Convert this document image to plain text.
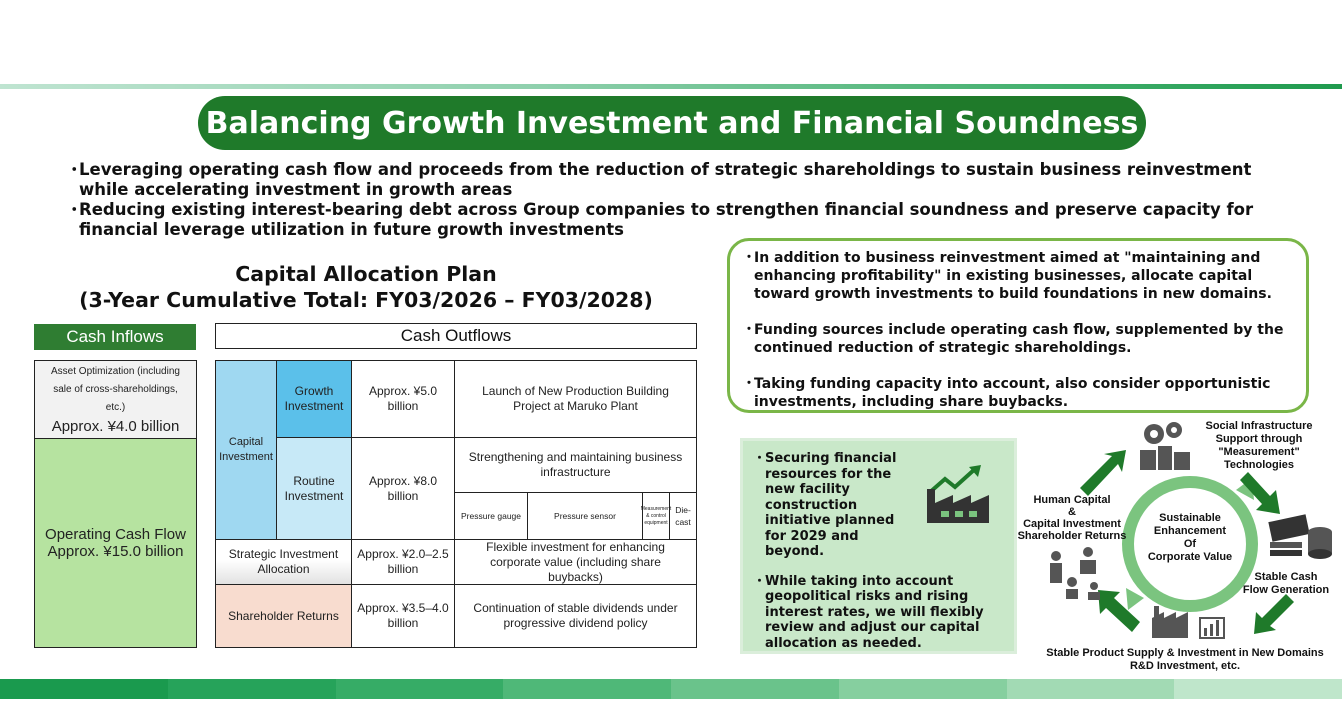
Balancing Growth Investment and Financial Soundness
・
Leveraging operating cash flow and proceeds from the reduction of strategic shareholdings to sustain business reinvestment while accelerating investment in growth areas
・
Reducing existing interest-bearing debt across Group companies to strengthen financial soundness and preserve capacity for financial leverage utilization in future growth investments
Capital Allocation Plan
(3-Year Cumulative Total: FY03/2026 – FY03/2028)
Cash Inflows
Asset Optimization (including sale of cross-shareholdings, etc.)
Approx. ¥4.0 billion
Operating Cash Flow
Approx. ¥15.0 billion
Cash Outflows
Capital Investment
Growth Investment
Approx. ¥5.0 billion
Launch of New Production Building Project at Maruko Plant
Routine Investment
Approx. ¥8.0 billion
Strengthening and maintaining business infrastructure
Pressure gauge	Pressure sensor
Measurement & control equipment
Die-cast
Strategic Investment Allocation
Approx. ¥2.0–2.5 billion
Flexible investment for enhancing corporate value (including share buybacks)
Shareholder Returns
Approx. ¥3.5–4.0 billion
Continuation of stable dividends under progressive dividend policy
・
In addition to business reinvestment aimed at "maintaining and enhancing profitability" in existing businesses, allocate capital toward growth investments to build foundations in new domains.
・
Funding sources include operating cash flow, supplemented by the continued reduction of strategic shareholdings.
・
Taking funding capacity into account, also consider opportunistic investments, including share buybacks.
・
Securing financial resources for the new facility construction initiative planned for 2029 and beyond.
・
While taking into account geopolitical risks and rising interest rates, we will flexibly review and adjust our capital allocation as needed.
Sustainable
Enhancement
Of
Corporate Value
Social Infrastructure
Support through
"Measurement"
Technologies
Stable Cash
Flow Generation
Stable Product Supply & Investment in New Domains
R&D Investment, etc.
Human Capital
&
Capital Investment
Shareholder Returns
